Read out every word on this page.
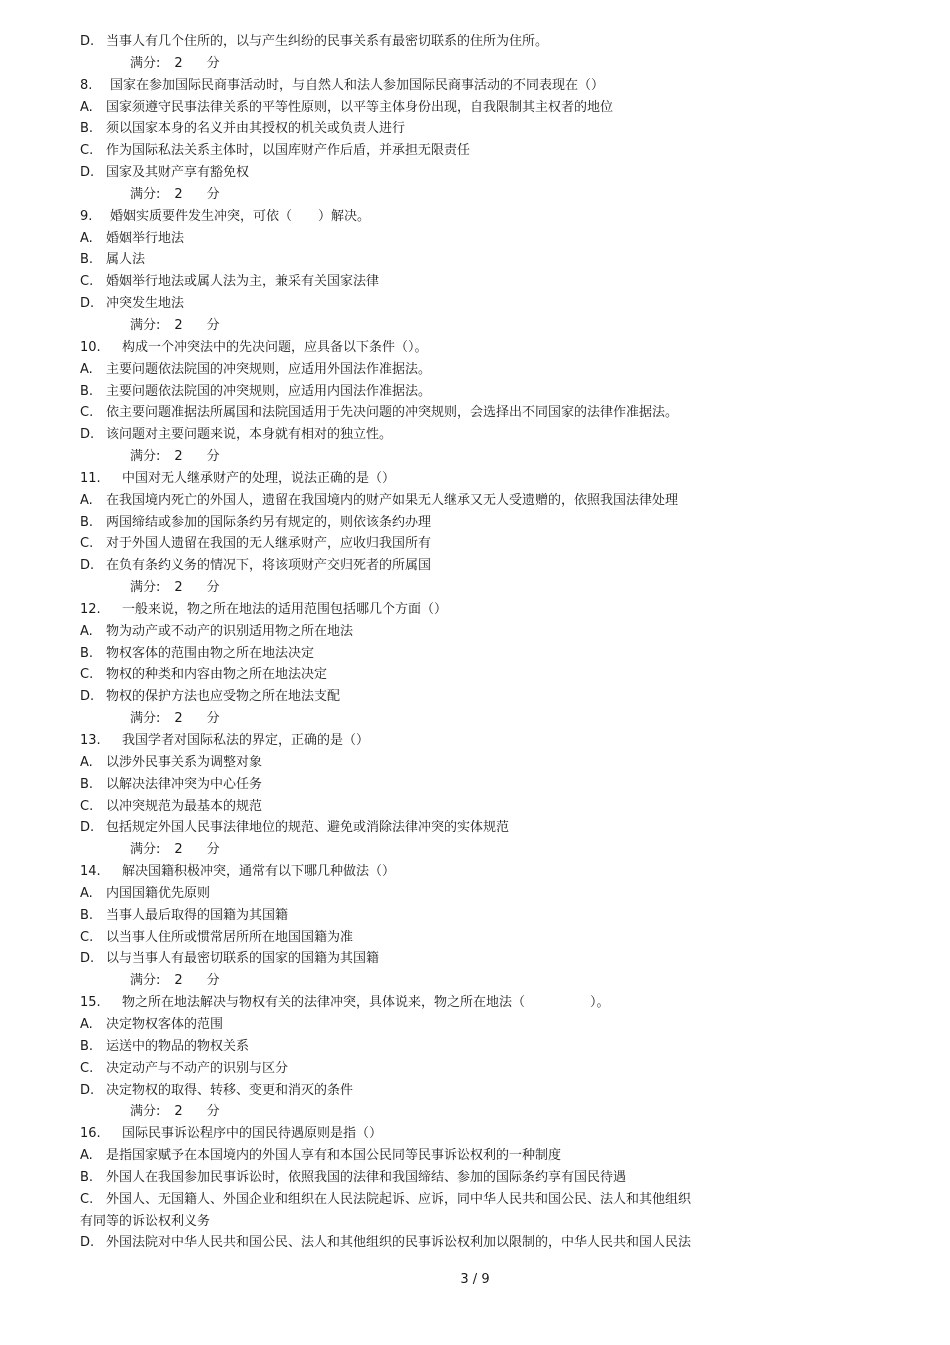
D. 当事人有几个住所的，以与产生纠纷的民事关系有最密切联系的住所为住所。
满分: 2 分
8. 国家在参加国际民商事活动时，与自然人和法人参加国际民商事活动的不同表现在（）
A. 国家须遵守民事法律关系的平等性原则，以平等主体身份出现，自我限制其主权者的地位
B. 须以国家本身的名义并由其授权的机关或负责人进行
C. 作为国际私法关系主体时，以国库财产作后盾，并承担无限责任
D. 国家及其财产享有豁免权
满分: 2 分
9. 婚姻实质要件发生冲突，可依（　　）解决。
A. 婚姻举行地法
B. 属人法
C. 婚姻举行地法或属人法为主，兼采有关国家法律
D. 冲突发生地法
满分: 2 分
10. 构成一个冲突法中的先决问题，应具备以下条件（）。
A. 主要问题依法院国的冲突规则，应适用外国法作准据法。
B. 主要问题依法院国的冲突规则，应适用内国法作准据法。
C. 依主要问题准据法所属国和法院国适用于先决问题的冲突规则，会选择出不同国家的法律作准据法。
D. 该问题对主要问题来说，本身就有相对的独立性。
满分: 2 分
11. 中国对无人继承财产的处理，说法正确的是（）
A. 在我国境内死亡的外国人，遗留在我国境内的财产如果无人继承又无人受遗赠的，依照我国法律处理
B. 两国缔结或参加的国际条约另有规定的，则依该条约办理
C. 对于外国人遗留在我国的无人继承财产，应收归我国所有
D. 在负有条约义务的情况下，将该项财产交归死者的所属国
满分: 2 分
12. 一般来说，物之所在地法的适用范围包括哪几个方面（）
A. 物为动产或不动产的识别适用物之所在地法
B. 物权客体的范围由物之所在地法决定
C. 物权的种类和内容由物之所在地法决定
D. 物权的保护方法也应受物之所在地法支配
满分: 2 分
13. 我国学者对国际私法的界定，正确的是（）
A. 以涉外民事关系为调整对象
B. 以解决法律冲突为中心任务
C. 以冲突规范为最基本的规范
D. 包括规定外国人民事法律地位的规范、避免或消除法律冲突的实体规范
满分: 2 分
14. 解决国籍积极冲突，通常有以下哪几种做法（）
A. 内国国籍优先原则
B. 当事人最后取得的国籍为其国籍
C. 以当事人住所或惯常居所所在地国国籍为准
D. 以与当事人有最密切联系的国家的国籍为其国籍
满分: 2 分
15. 物之所在地法解决与物权有关的法律冲突，具体说来，物之所在地法（　　　　　）。
A. 决定物权客体的范围
B. 运送中的物品的物权关系
C. 决定动产与不动产的识别与区分
D. 决定物权的取得、转移、变更和消灭的条件
满分: 2 分
16. 国际民事诉讼程序中的国民待遇原则是指（）
A. 是指国家赋予在本国境内的外国人享有和本国公民同等民事诉讼权利的一种制度
B. 外国人在我国参加民事诉讼时，依照我国的法律和我国缔结、参加的国际条约享有国民待遇
C. 外国人、无国籍人、外国企业和组织在人民法院起诉、应诉，同中华人民共和国公民、法人和其他组织
有同等的诉讼权利义务
D. 外国法院对中华人民共和国公民、法人和其他组织的民事诉讼权利加以限制的，中华人民共和国人民法
3 / 9
